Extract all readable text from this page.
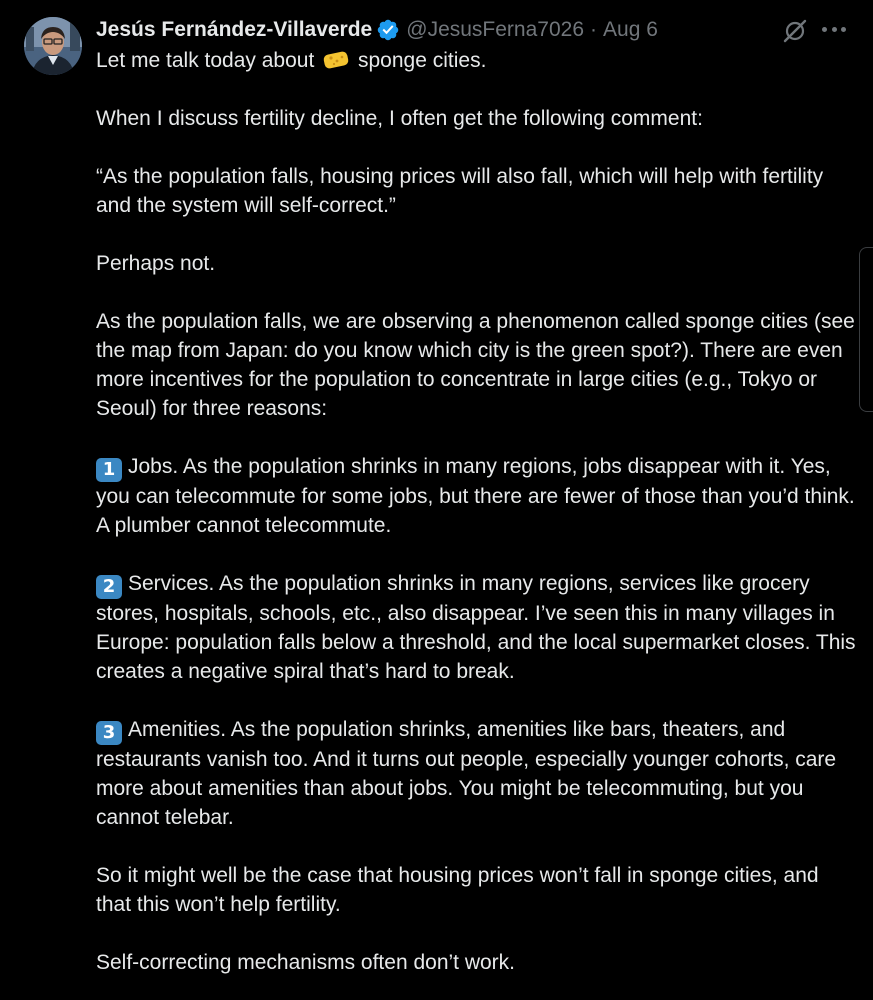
Jesús Fernández-Villaverde @JesusFerna7026 · Aug 6

Let me talk today about sponge cities.

When I discuss fertility decline, I often get the following comment:

“As the population falls, housing prices will also fall, which will help with fertility and the system will self-correct.”

Perhaps not.

As the population falls, we are observing a phenomenon called sponge cities (see the map from Japan: do you know which city is the green spot?). There are even more incentives for the population to concentrate in large cities (e.g., Tokyo or Seoul) for three reasons:

1 Jobs. As the population shrinks in many regions, jobs disappear with it. Yes, you can telecommute for some jobs, but there are fewer of those than you’d think. A plumber cannot telecommute.

2 Services. As the population shrinks in many regions, services like grocery stores, hospitals, schools, etc., also disappear. I’ve seen this in many villages in Europe: population falls below a threshold, and the local supermarket closes. This creates a negative spiral that’s hard to break.

3 Amenities. As the population shrinks, amenities like bars, theaters, and restaurants vanish too. And it turns out people, especially younger cohorts, care more about amenities than about jobs. You might be telecommuting, but you cannot telebar.

So it might well be the case that housing prices won’t fall in sponge cities, and that this won’t help fertility.

Self-correcting mechanisms often don’t work.
